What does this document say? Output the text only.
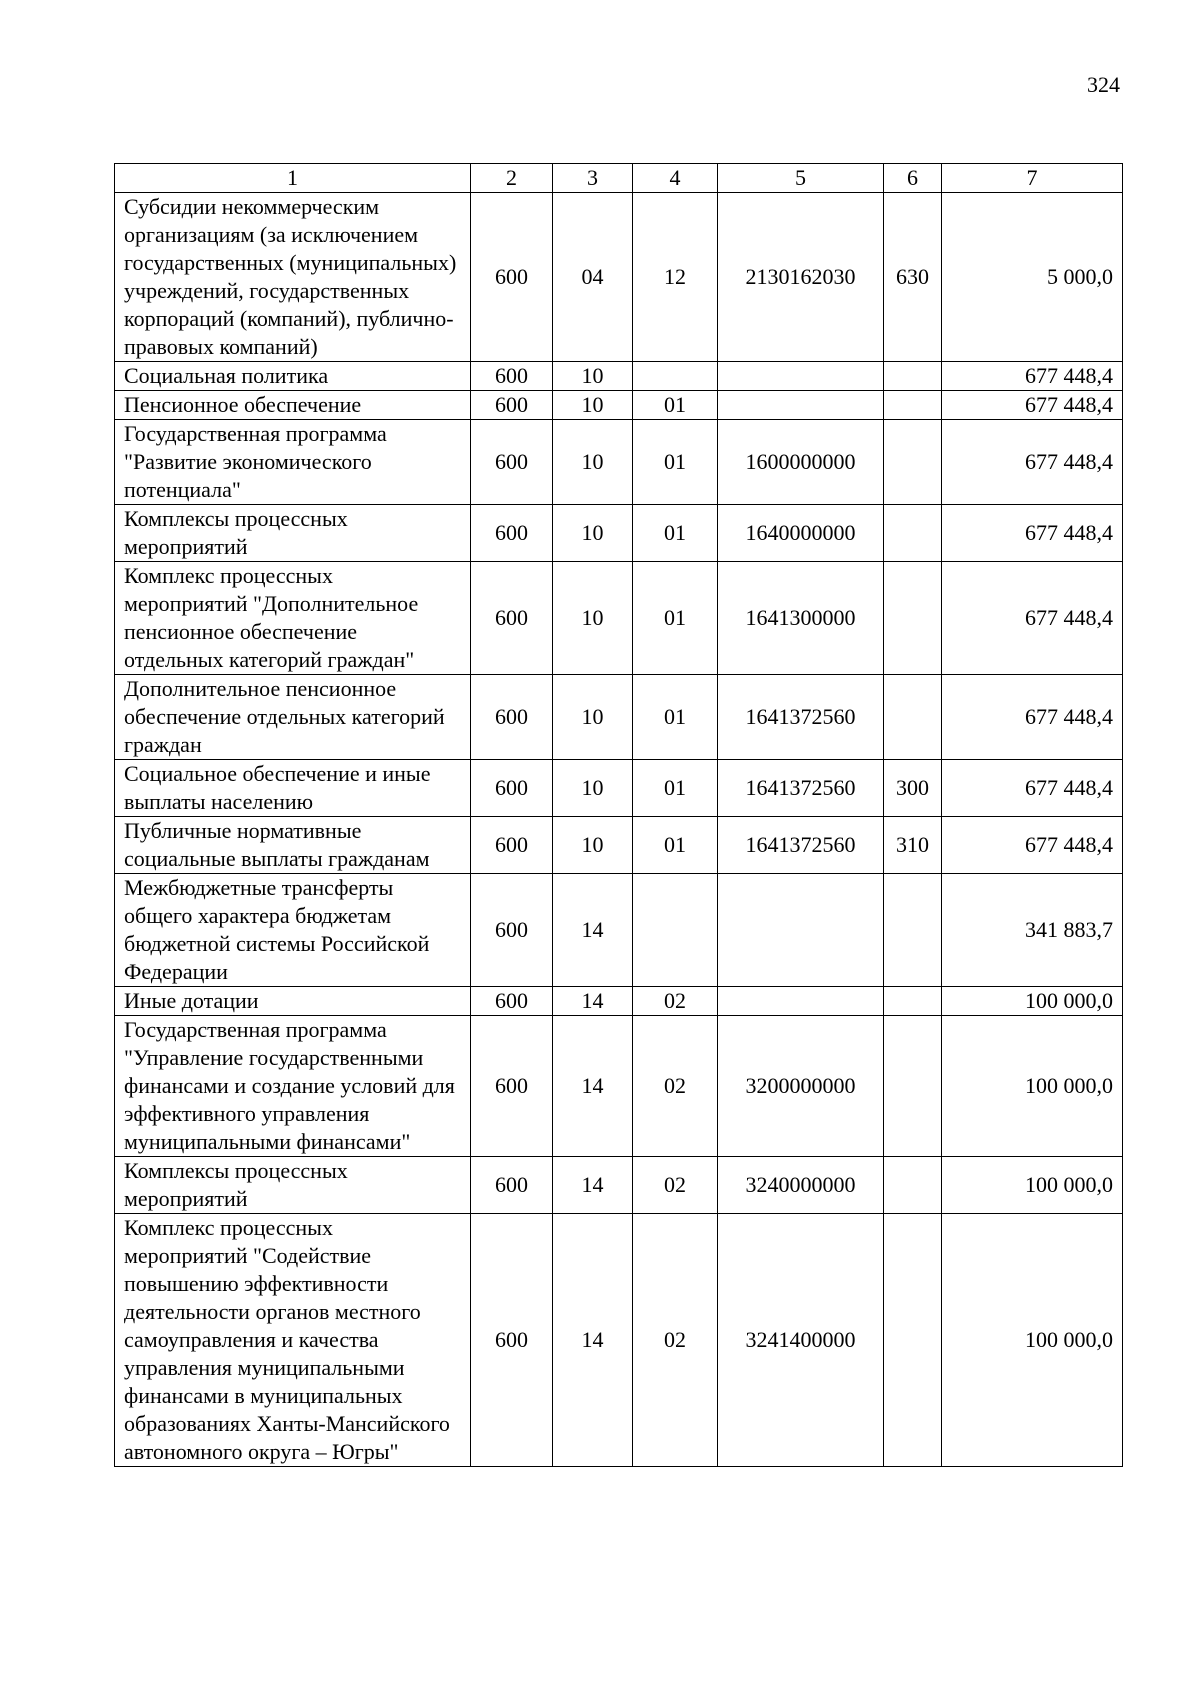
324
1	2	3	4	5	6	7
Субсидии некоммерческим организациям (за исключением государственных (муниципальных) учреждений, государственных корпораций (компаний), публично-правовых компаний)	600	04	12	2130162030	630	5 000,0
Социальная политика	600	10				677 448,4
Пенсионное обеспечение	600	10	01			677 448,4
Государственная программа "Развитие экономического потенциала"	600	10	01	1600000000		677 448,4
Комплексы процессных мероприятий	600	10	01	1640000000		677 448,4
Комплекс процессных мероприятий "Дополнительное пенсионное обеспечение отдельных категорий граждан"	600	10	01	1641300000		677 448,4
Дополнительное пенсионное обеспечение отдельных категорий граждан	600	10	01	1641372560		677 448,4
Социальное обеспечение и иные выплаты населению	600	10	01	1641372560	300	677 448,4
Публичные нормативные социальные выплаты гражданам	600	10	01	1641372560	310	677 448,4
Межбюджетные трансферты общего характера бюджетам бюджетной системы Российской Федерации	600	14				341 883,7
Иные дотации	600	14	02			100 000,0
Государственная программа "Управление государственными финансами и создание условий для эффективного управления муниципальными финансами"	600	14	02	3200000000		100 000,0
Комплексы процессных мероприятий	600	14	02	3240000000		100 000,0
Комплекс процессных мероприятий "Содействие повышению эффективности деятельности органов местного самоуправления и качества управления муниципальными финансами в муниципальных образованиях Ханты-Мансийского автономного округа – Югры"	600	14	02	3241400000		100 000,0
